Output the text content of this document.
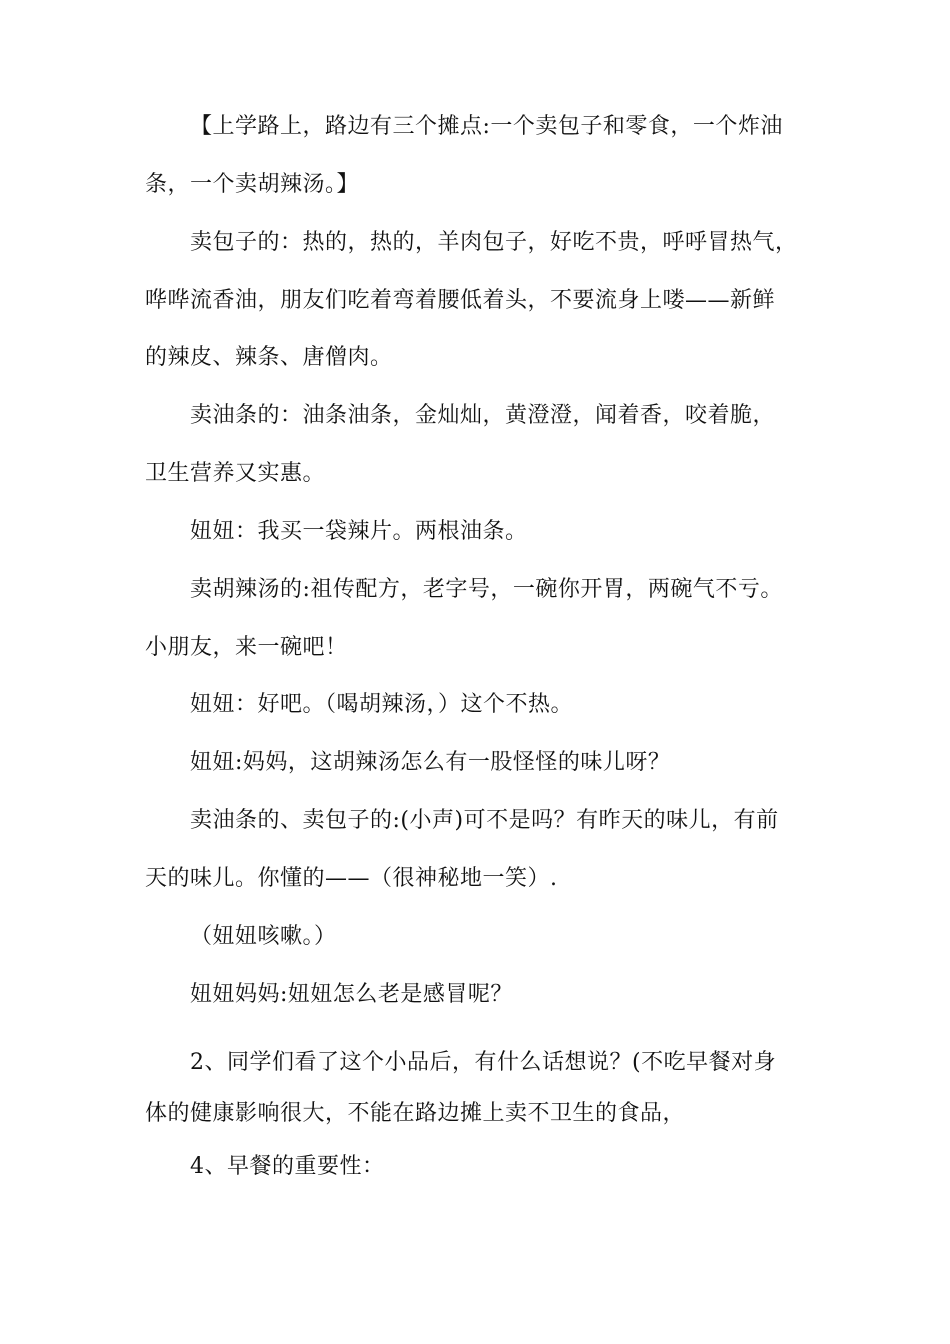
【上学路上，路边有三个摊点:一个卖包子和零食，一个炸油
条，一个卖胡辣汤。】
卖包子的：热的，热的，羊肉包子，好吃不贵，呼呼冒热气，
哗哗流香油，朋友们吃着弯着腰低着头，不要流身上喽——新鲜
的辣皮、辣条、唐僧肉。
卖油条的：油条油条，金灿灿，黄澄澄，闻着香，咬着脆，
卫生营养又实惠。
妞妞：我买一袋辣片。两根油条。
卖胡辣汤的:祖传配方，老字号，一碗你开胃，两碗气不亏。
小朋友，来一碗吧！
妞妞：好吧。（喝胡辣汤，）这个不热。
妞妞:妈妈，这胡辣汤怎么有一股怪怪的味儿呀？
卖油条的、卖包子的:(小声)可不是吗？有昨天的味儿，有前
天的味儿。你懂的——（很神秘地一笑）.
（妞妞咳嗽。）
妞妞妈妈:妞妞怎么老是感冒呢？
2、同学们看了这个小品后，有什么话想说？(不吃早餐对身
体的健康影响很大，不能在路边摊上卖不卫生的食品，
4、早餐的重要性：
